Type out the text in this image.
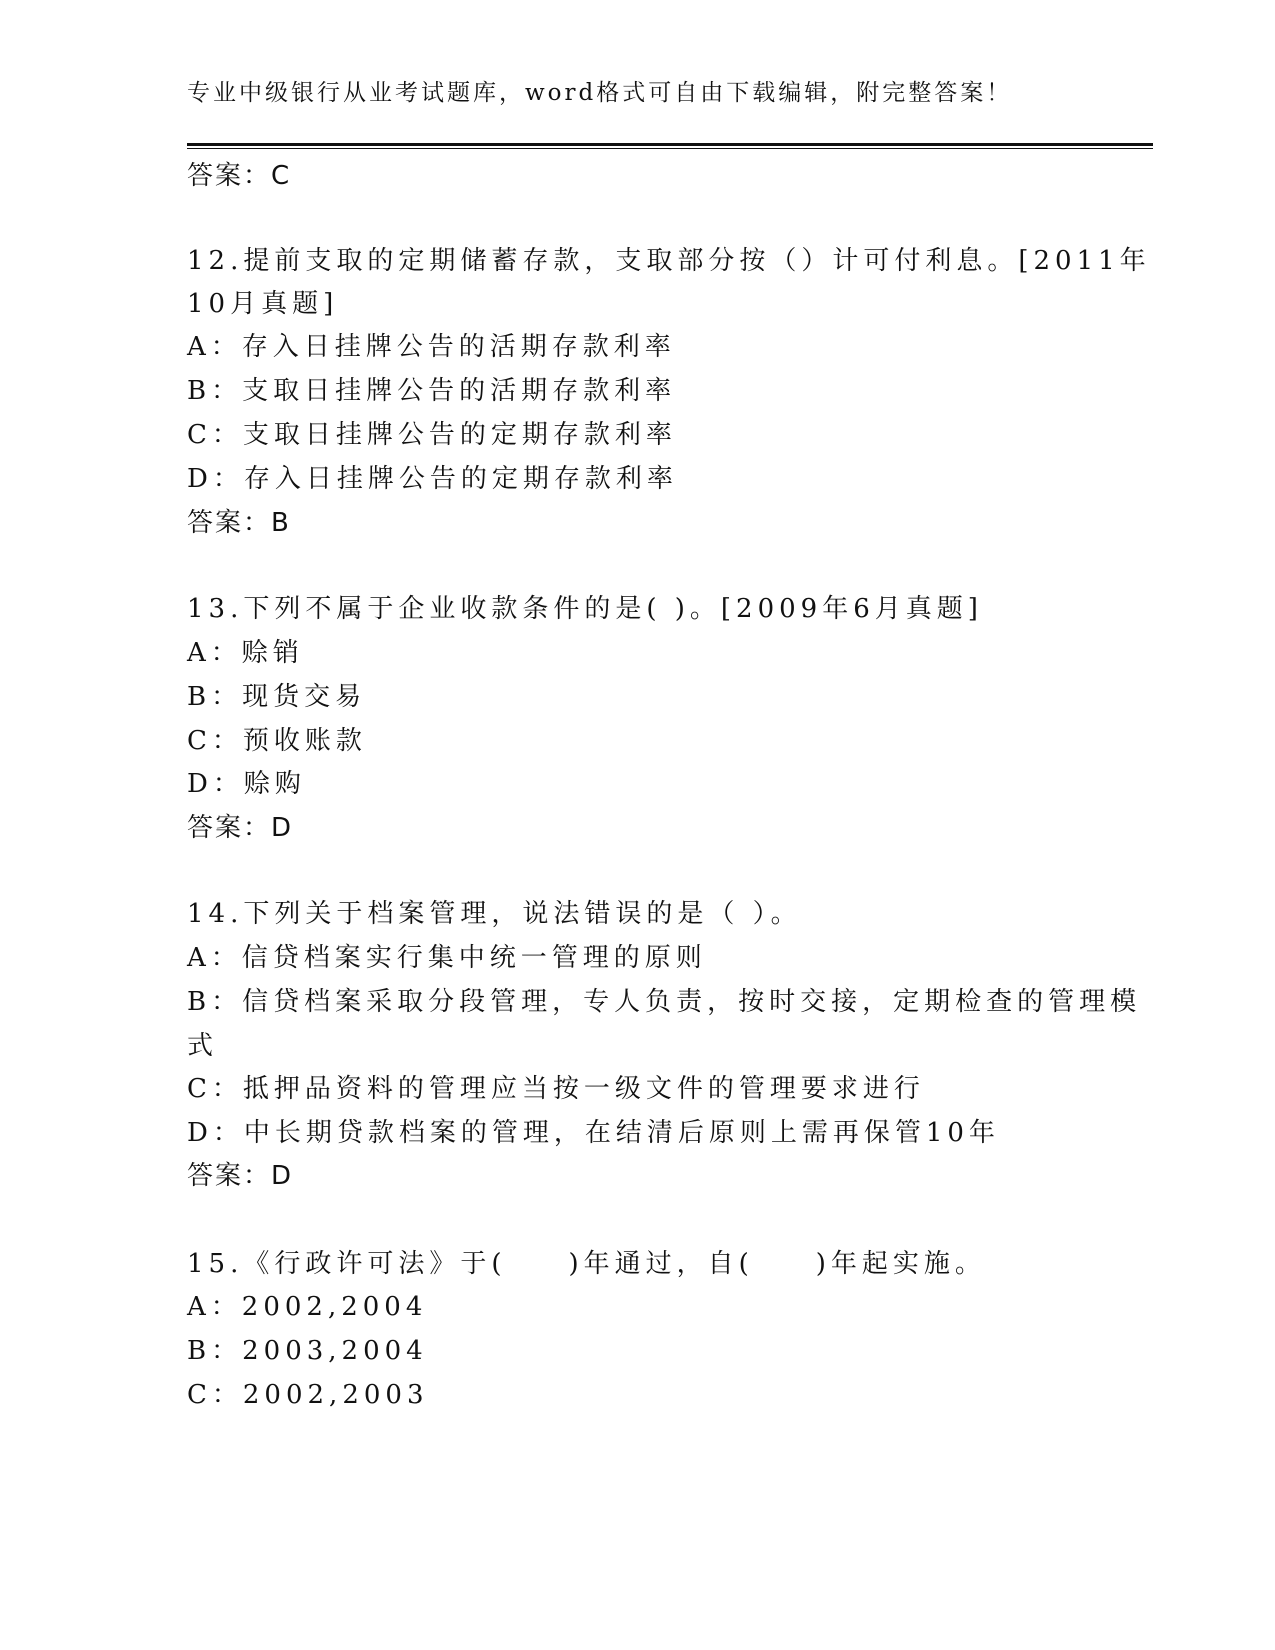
专业中级银行从业考试题库，word格式可自由下载编辑，附完整答案！
答案：C
12.提前支取的定期储蓄存款，支取部分按（）计可付利息。[2011年
10月真题]
A：存入日挂牌公告的活期存款利率
B：支取日挂牌公告的活期存款利率
C：支取日挂牌公告的定期存款利率
D：存入日挂牌公告的定期存款利率
答案：B
13.下列不属于企业收款条件的是( )。[2009年6月真题]
A：赊销
B：现货交易
C：预收账款
D：赊购
答案：D
14.下列关于档案管理，说法错误的是（ ）。
A：信贷档案实行集中统一管理的原则
B：信贷档案采取分段管理，专人负责，按时交接，定期检查的管理模
式
C：抵押品资料的管理应当按一级文件的管理要求进行
D：中长期贷款档案的管理，在结清后原则上需再保管10年
答案：D
15.《行政许可法》于(　　)年通过，自(　　)年起实施。
A：2002,2004
B：2003,2004
C：2002,2003
